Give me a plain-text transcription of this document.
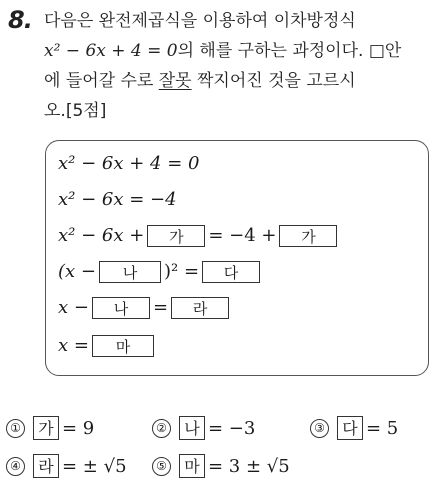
8. 다음은 완전제곱식을 이용하여 이차방정식
x² − 6x + 4 = 0의 해를 구하는 과정이다. □안
에 들어갈 수로 잘못 짝지어진 것을 고르시
오.[5점]
x² − 6x + 4 = 0
x² − 6x = −4
x² − 6x +	가	= −4 +	가
(x −	나	)² =	다
x −	나	=	라
x =	마
①	가 = 9	②	나 = −3	③	다 = 5
④	라 = ± √5	⑤	마 = 3 ± √5
